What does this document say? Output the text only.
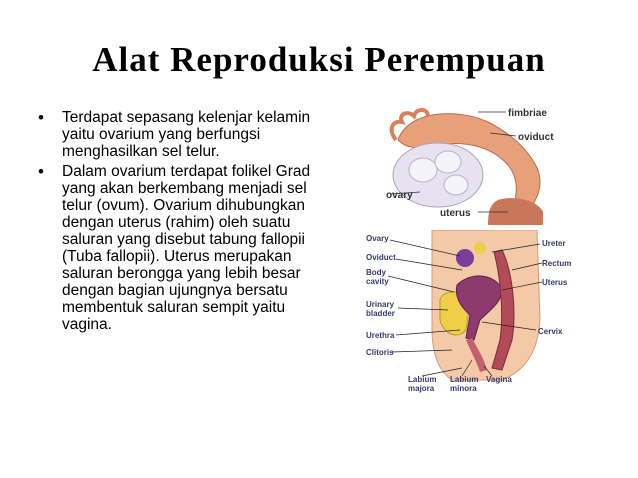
Alat Reproduksi Perempuan
• Terdapat sepasang kelenjar kelamin yaitu ovarium yang berfungsi menghasilkan sel telur.
• Dalam ovarium terdapat folikel Grad yang akan berkembang menjadi sel telur (ovum). Ovarium dihubungkan dengan uterus (rahim) oleh suatu saluran yang disebut tabung fallopii (Tuba fallopii). Uterus merupakan saluran berongga yang lebih besar dengan bagian ujungnya bersatu membentuk saluran sempit yaitu vagina.
fimbriae
oviduct
ovary
uterus
Ovary
Oviduct
Body
cavity
Urinary
bladder
Urethra
Clitoris
Labium
majora
Labium
minora
Vagina
Ureter
Rectum
Uterus
Cervix
